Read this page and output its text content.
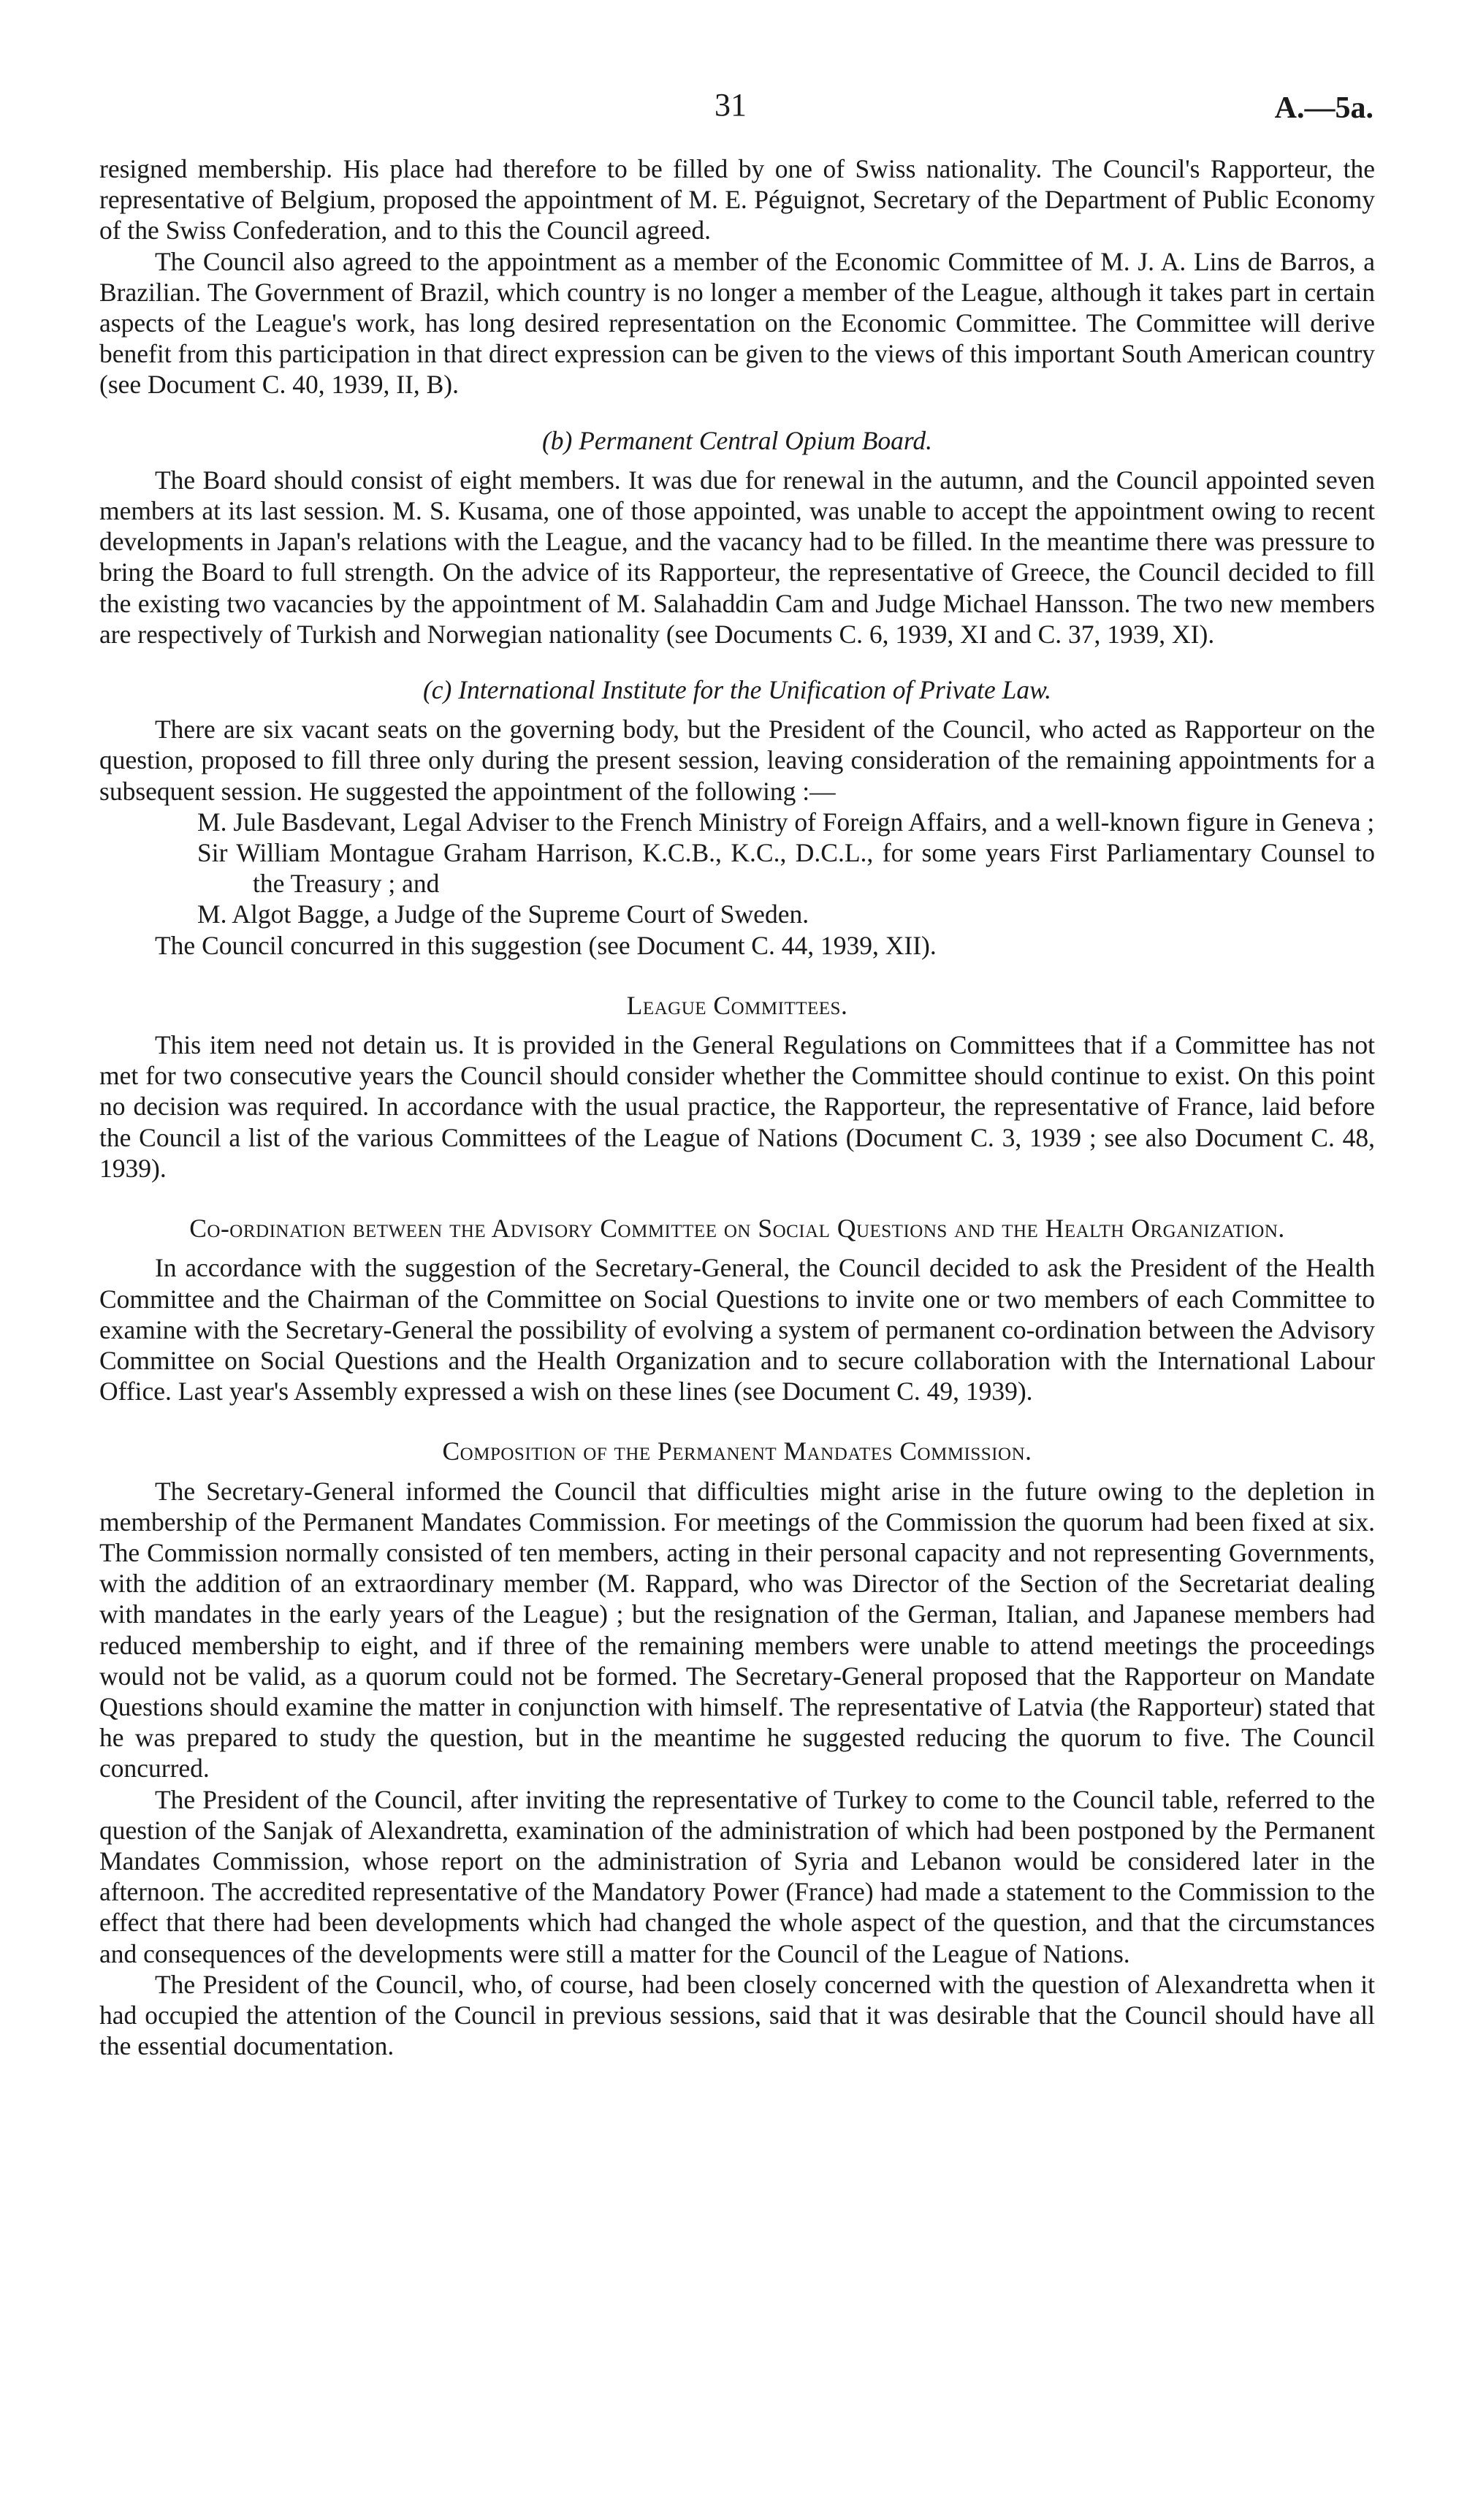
31	A.—5a.

resigned membership. His place had therefore to be filled by one of Swiss nationality. The Council's Rapporteur, the representative of Belgium, proposed the appointment of M. E. Péguignot, Secretary of the Department of Public Economy of the Swiss Confederation, and to this the Council agreed.

The Council also agreed to the appointment as a member of the Economic Committee of M. J. A. Lins de Barros, a Brazilian. The Government of Brazil, which country is no longer a member of the League, although it takes part in certain aspects of the League's work, has long desired representation on the Economic Committee. The Committee will derive benefit from this participation in that direct expression can be given to the views of this important South American country (see Document C. 40, 1939, II, B).

(b) Permanent Central Opium Board.

The Board should consist of eight members. It was due for renewal in the autumn, and the Council appointed seven members at its last session. M. S. Kusama, one of those appointed, was unable to accept the appointment owing to recent developments in Japan's relations with the League, and the vacancy had to be filled. In the meantime there was pressure to bring the Board to full strength. On the advice of its Rapporteur, the representative of Greece, the Council decided to fill the existing two vacancies by the appointment of M. Salahaddin Cam and Judge Michael Hansson. The two new members are respectively of Turkish and Norwegian nationality (see Documents C. 6, 1939, XI and C. 37, 1939, XI).

(c) International Institute for the Unification of Private Law.

There are six vacant seats on the governing body, but the President of the Council, who acted as Rapporteur on the question, proposed to fill three only during the present session, leaving consideration of the remaining appointments for a subsequent session. He suggested the appointment of the following :—

M. Jule Basdevant, Legal Adviser to the French Ministry of Foreign Affairs, and a well-known figure in Geneva ;

Sir William Montague Graham Harrison, K.C.B., K.C., D.C.L., for some years First Parliamentary Counsel to the Treasury ; and

M. Algot Bagge, a Judge of the Supreme Court of Sweden.

The Council concurred in this suggestion (see Document C. 44, 1939, XII).

League Committees.

This item need not detain us. It is provided in the General Regulations on Committees that if a Committee has not met for two consecutive years the Council should consider whether the Committee should continue to exist. On this point no decision was required. In accordance with the usual practice, the Rapporteur, the representative of France, laid before the Council a list of the various Committees of the League of Nations (Document C. 3, 1939 ; see also Document C. 48, 1939).

Co-ordination between the Advisory Committee on Social Questions and the Health Organization.

In accordance with the suggestion of the Secretary-General, the Council decided to ask the President of the Health Committee and the Chairman of the Committee on Social Questions to invite one or two members of each Committee to examine with the Secretary-General the possibility of evolving a system of permanent co-ordination between the Advisory Committee on Social Questions and the Health Organization and to secure collaboration with the International Labour Office. Last year's Assembly expressed a wish on these lines (see Document C. 49, 1939).

Composition of the Permanent Mandates Commission.

The Secretary-General informed the Council that difficulties might arise in the future owing to the depletion in membership of the Permanent Mandates Commission. For meetings of the Commission the quorum had been fixed at six. The Commission normally consisted of ten members, acting in their personal capacity and not representing Governments, with the addition of an extraordinary member (M. Rappard, who was Director of the Section of the Secretariat dealing with mandates in the early years of the League) ; but the resignation of the German, Italian, and Japanese members had reduced membership to eight, and if three of the remaining members were unable to attend meetings the proceedings would not be valid, as a quorum could not be formed. The Secretary-General proposed that the Rapporteur on Mandate Questions should examine the matter in conjunction with himself. The representative of Latvia (the Rapporteur) stated that he was prepared to study the question, but in the meantime he suggested reducing the quorum to five. The Council concurred.

The President of the Council, after inviting the representative of Turkey to come to the Council table, referred to the question of the Sanjak of Alexandretta, examination of the administration of which had been postponed by the Permanent Mandates Commission, whose report on the administration of Syria and Lebanon would be considered later in the afternoon. The accredited representative of the Mandatory Power (France) had made a statement to the Commission to the effect that there had been developments which had changed the whole aspect of the question, and that the circumstances and consequences of the developments were still a matter for the Council of the League of Nations.

The President of the Council, who, of course, had been closely concerned with the question of Alexandretta when it had occupied the attention of the Council in previous sessions, said that it was desirable that the Council should have all the essential documentation.
